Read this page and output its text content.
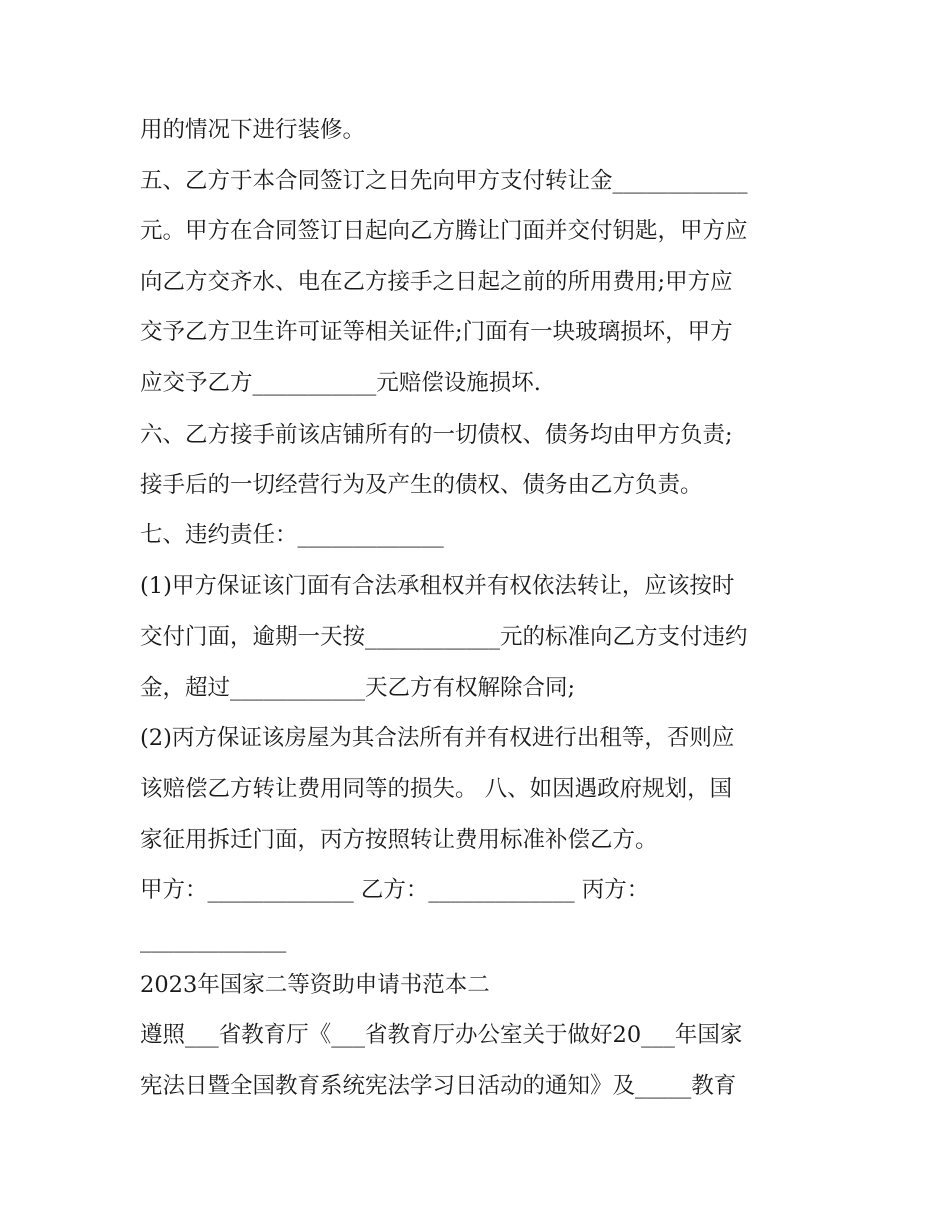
用的情况下进行装修。
五、乙方于本合同签订之日先向甲方支付转让金____________
元。甲方在合同签订日起向乙方腾让门面并交付钥匙，甲方应
向乙方交齐水、电在乙方接手之日起之前的所用费用;甲方应
交予乙方卫生许可证等相关证件;门面有一块玻璃损坏，甲方
应交予乙方___________元赔偿设施损坏.
六、乙方接手前该店铺所有的一切债权、债务均由甲方负责;
接手后的一切经营行为及产生的债权、债务由乙方负责。
七、违约责任：_____________
(1)甲方保证该门面有合法承租权并有权依法转让，应该按时
交付门面，逾期一天按____________元的标准向乙方支付违约
金，超过____________天乙方有权解除合同;
(2)丙方保证该房屋为其合法所有并有权进行出租等，否则应
该赔偿乙方转让费用同等的损失。 八、如因遇政府规划，国
家征用拆迁门面，丙方按照转让费用标准补偿乙方。
甲方：_____________ 乙方：_____________ 丙方：
_____________
2023年国家二等资助申请书范本二
遵照___省教育厅《___省教育厅办公室关于做好20___年国家
宪法日暨全国教育系统宪法学习日活动的通知》及_____教育
